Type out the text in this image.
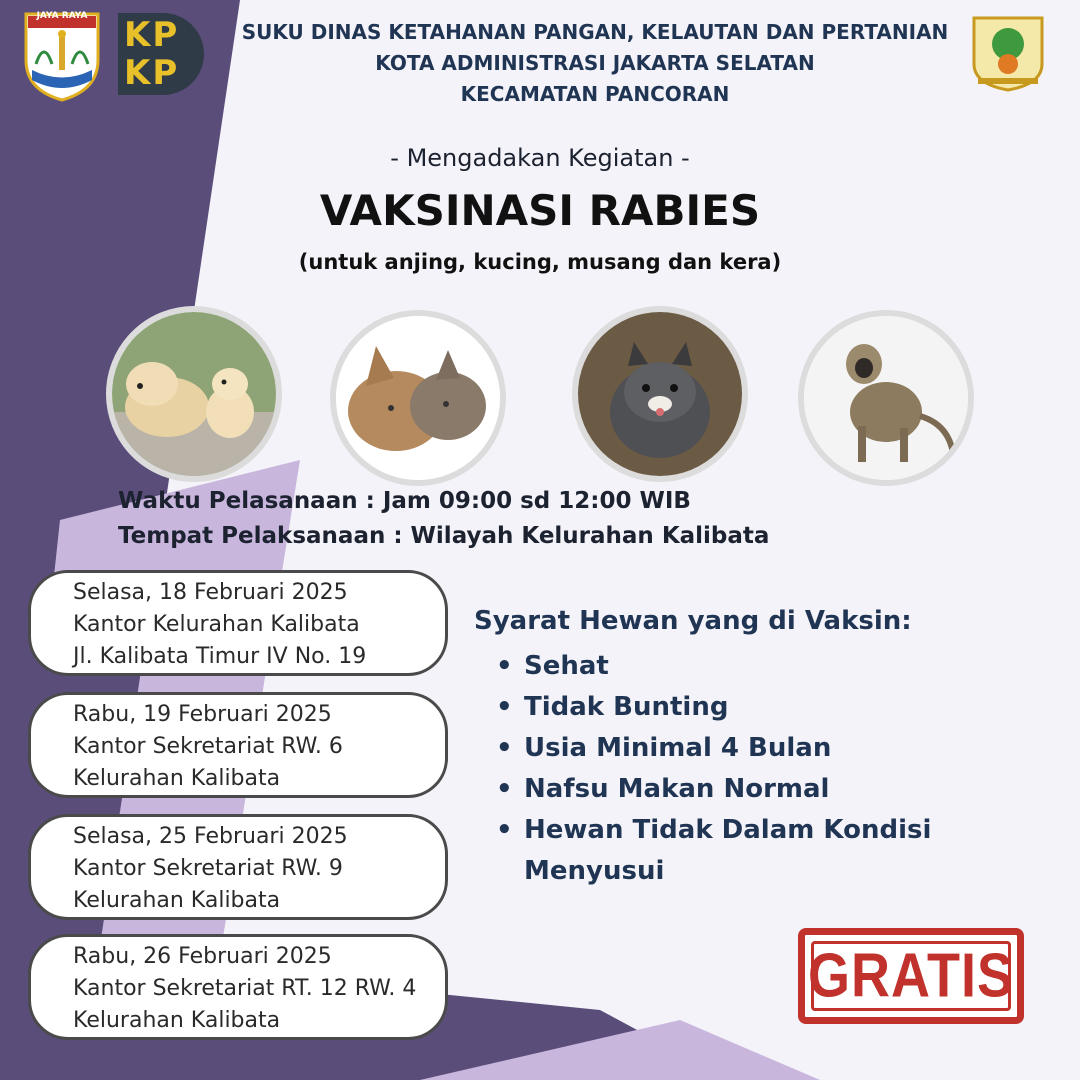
JAYA RAYA KP
KP
SUKU DINAS KETAHANAN PANGAN, KELAUTAN DAN PERTANIAN
KOTA ADMINISTRASI JAKARTA SELATAN
KECAMATAN PANCORAN
- Mengadakan Kegiatan -
VAKSINASI RABIES
(untuk anjing, kucing, musang dan kera)
Waktu Pelasanaan : Jam 09:00 sd 12:00 WIB
Tempat Pelaksanaan : Wilayah Kelurahan Kalibata
Selasa, 18 Februari 2025
Kantor Kelurahan Kalibata
Jl. Kalibata Timur IV No. 19
Rabu, 19 Februari 2025
Kantor Sekretariat RW. 6
Kelurahan Kalibata
Selasa, 25 Februari 2025
Kantor Sekretariat RW. 9
Kelurahan Kalibata
Rabu, 26 Februari 2025
Kantor Sekretariat RT. 12 RW. 4
Kelurahan Kalibata
Syarat Hewan yang di Vaksin:
• Sehat
• Tidak Bunting
• Usia Minimal 4 Bulan
• Nafsu Makan Normal
• Hewan Tidak Dalam Kondisi Menyusui
GRATIS
